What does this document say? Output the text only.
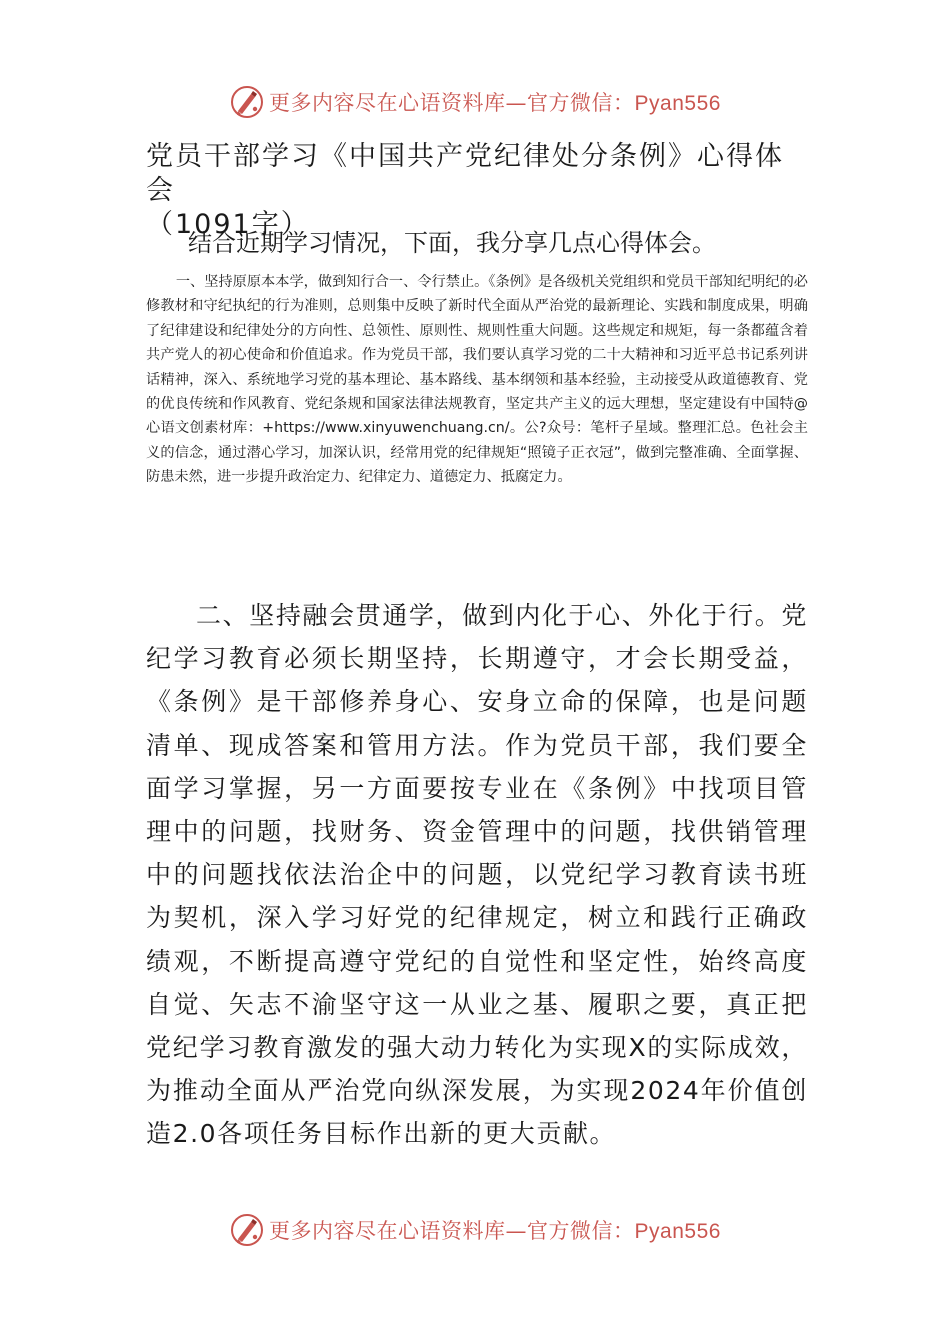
更多内容尽在心语资料库—官方微信：Pyan556
党员干部学习《中国共产党纪律处分条例》心得体会
（1091字）

结合近期学习情况，下面，我分享几点心得体会。

一、坚持原原本本学，做到知行合一、令行禁止。《条例》是各级机关党组织和党员干部知纪明纪的必修教材和守纪执纪的行为准则，总则集中反映了新时代全面从严治党的最新理论、实践和制度成果，明确了纪律建设和纪律处分的方向性、总领性、原则性、规则性重大问题。这些规定和规矩，每一条都蕴含着共产党人的初心使命和价值追求。作为党员干部，我们要认真学习党的二十大精神和习近平总书记系列讲话精神，深入、系统地学习党的基本理论、基本路线、基本纲领和基本经验，主动接受从政道德教育、党的优良传统和作风教育、党纪条规和国家法律法规教育，坚定共产主义的远大理想，坚定建设有中国特@心语文创素材库：+https://www.xinyuwenchuang.cn/。公?众号：笔杆子星域。整理汇总。色社会主义的信念，通过潜心学习，加深认识，经常用党的纪律规矩“照镜子正衣冠”，做到完整准确、全面掌握、防患未然，进一步提升政治定力、纪律定力、道德定力、抵腐定力。

二、坚持融会贯通学，做到内化于心、外化于行。党纪学习教育必须长期坚持，长期遵守，才会长期受益，《条例》是干部修养身心、安身立命的保障，也是问题清单、现成答案和管用方法。作为党员干部，我们要全面学习掌握，另一方面要按专业在《条例》中找项目管理中的问题，找财务、资金管理中的问题，找供销管理中的问题找依法治企中的问题，以党纪学习教育读书班为契机，深入学习好党的纪律规定，树立和践行正确政绩观，不断提高遵守党纪的自觉性和坚定性，始终高度自觉、矢志不渝坚守这一从业之基、履职之要，真正把党纪学习教育激发的强大动力转化为实现X的实际成效，为推动全面从严治党向纵深发展，为实现2024年价值创造2.0各项任务目标作出新的更大贡献。

更多内容尽在心语资料库—官方微信：Pyan556
